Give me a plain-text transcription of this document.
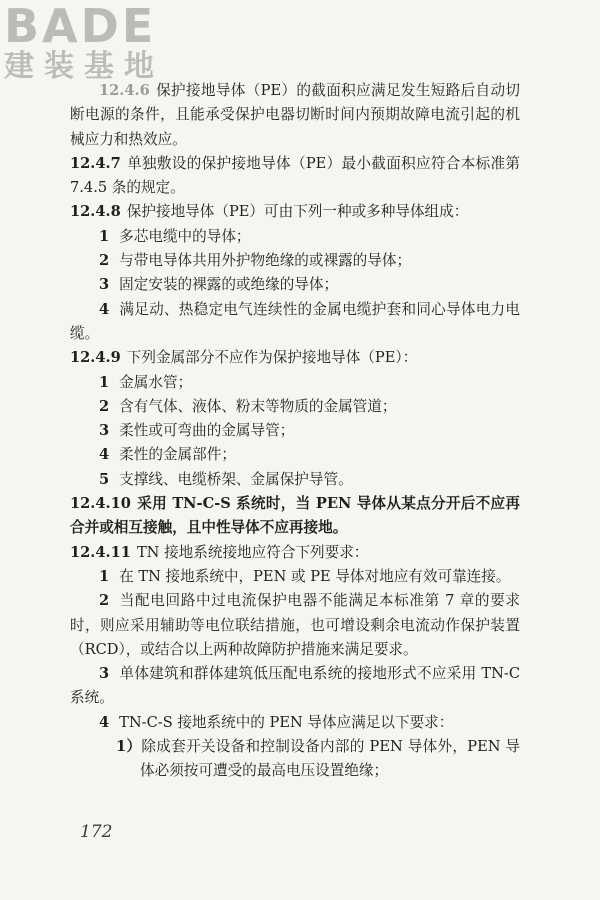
BADE
建装基地

12.4.6 保护接地导体（PE）的截面积应满足发生短路后自动切断电源的条件，且能承受保护电器切断时间内预期故障电流引起的机械应力和热效应。

12.4.7 单独敷设的保护接地导体（PE）最小截面积应符合本标准第 7.4.5 条的规定。

12.4.8 保护接地导体（PE）可由下列一种或多种导体组成：

1 多芯电缆中的导体；

2 与带电导体共用外护物绝缘的或裸露的导体；

3 固定安装的裸露的或绝缘的导体；

4 满足动、热稳定电气连续性的金属电缆护套和同心导体电力电缆。

12.4.9 下列金属部分不应作为保护接地导体（PE）：

1 金属水管；

2 含有气体、液体、粉末等物质的金属管道；

3 柔性或可弯曲的金属导管；

4 柔性的金属部件；

5 支撑线、电缆桥架、金属保护导管。

12.4.10 采用 TN-C-S 系统时，当 PEN 导体从某点分开后不应再合并或相互接触，且中性导体不应再接地。

12.4.11 TN 接地系统接地应符合下列要求：

1 在 TN 接地系统中，PEN 或 PE 导体对地应有效可靠连接。

2 当配电回路中过电流保护电器不能满足本标准第 7 章的要求时，则应采用辅助等电位联结措施，也可增设剩余电流动作保护装置（RCD），或结合以上两种故障防护措施来满足要求。

3 单体建筑和群体建筑低压配电系统的接地形式不应采用 TN-C 系统。

4 TN-C-S 接地系统中的 PEN 导体应满足以下要求：

1）除成套开关设备和控制设备内部的 PEN 导体外，PEN 导体必须按可遭受的最高电压设置绝缘；

172
